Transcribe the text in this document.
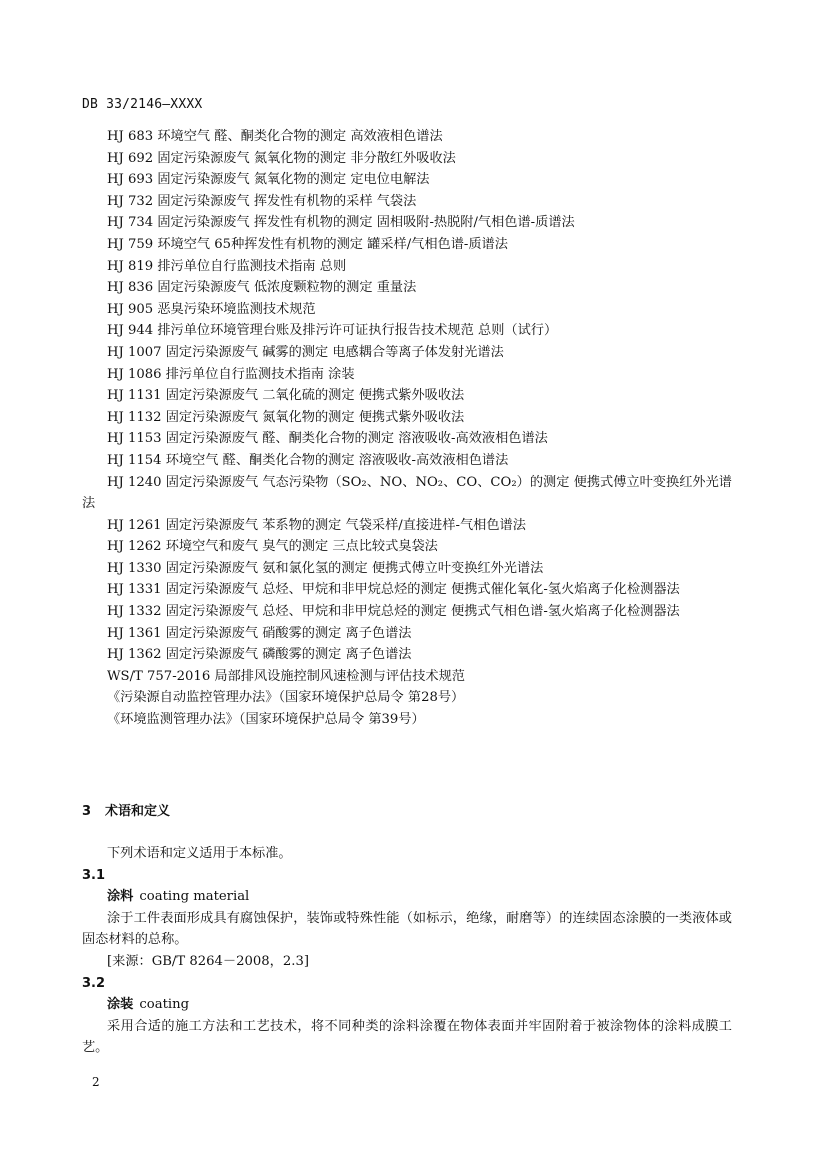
DB 33/2146—XXXX
HJ 683 环境空气 醛、酮类化合物的测定 高效液相色谱法
HJ 692 固定污染源废气 氮氧化物的测定 非分散红外吸收法
HJ 693 固定污染源废气 氮氧化物的测定 定电位电解法
HJ 732 固定污染源废气 挥发性有机物的采样 气袋法
HJ 734 固定污染源废气 挥发性有机物的测定 固相吸附-热脱附/气相色谱-质谱法
HJ 759 环境空气 65种挥发性有机物的测定 罐采样/气相色谱-质谱法
HJ 819 排污单位自行监测技术指南 总则
HJ 836 固定污染源废气 低浓度颗粒物的测定 重量法
HJ 905 恶臭污染环境监测技术规范
HJ 944 排污单位环境管理台账及排污许可证执行报告技术规范 总则（试行）
HJ 1007 固定污染源废气 碱雾的测定 电感耦合等离子体发射光谱法
HJ 1086 排污单位自行监测技术指南 涂装
HJ 1131 固定污染源废气 二氧化硫的测定 便携式紫外吸收法
HJ 1132 固定污染源废气 氮氧化物的测定 便携式紫外吸收法
HJ 1153 固定污染源废气 醛、酮类化合物的测定 溶液吸收-高效液相色谱法
HJ 1154 环境空气 醛、酮类化合物的测定 溶液吸收-高效液相色谱法
HJ 1240 固定污染源废气 气态污染物（SO₂、NO、NO₂、CO、CO₂）的测定 便携式傅立叶变换红外光谱法
HJ 1261 固定污染源废气 苯系物的测定 气袋采样/直接进样-气相色谱法
HJ 1262 环境空气和废气 臭气的测定 三点比较式臭袋法
HJ 1330 固定污染源废气 氨和氯化氢的测定 便携式傅立叶变换红外光谱法
HJ 1331 固定污染源废气 总烃、甲烷和非甲烷总烃的测定 便携式催化氧化-氢火焰离子化检测器法
HJ 1332 固定污染源废气 总烃、甲烷和非甲烷总烃的测定 便携式气相色谱-氢火焰离子化检测器法
HJ 1361 固定污染源废气 硝酸雾的测定 离子色谱法
HJ 1362 固定污染源废气 磷酸雾的测定 离子色谱法
WS/T 757-2016 局部排风设施控制风速检测与评估技术规范
《污染源自动监控管理办法》（国家环境保护总局令 第28号）
《环境监测管理办法》（国家环境保护总局令 第39号）
3 术语和定义
下列术语和定义适用于本标准。
3.1
涂料 coating material
涂于工件表面形成具有腐蚀保护，装饰或特殊性能（如标示，绝缘，耐磨等）的连续固态涂膜的一类液体或固态材料的总称。
[来源：GB/T 8264－2008，2.3]
3.2
涂装 coating
采用合适的施工方法和工艺技术，将不同种类的涂料涂覆在物体表面并牢固附着于被涂物体的涂料成膜工艺。
2
